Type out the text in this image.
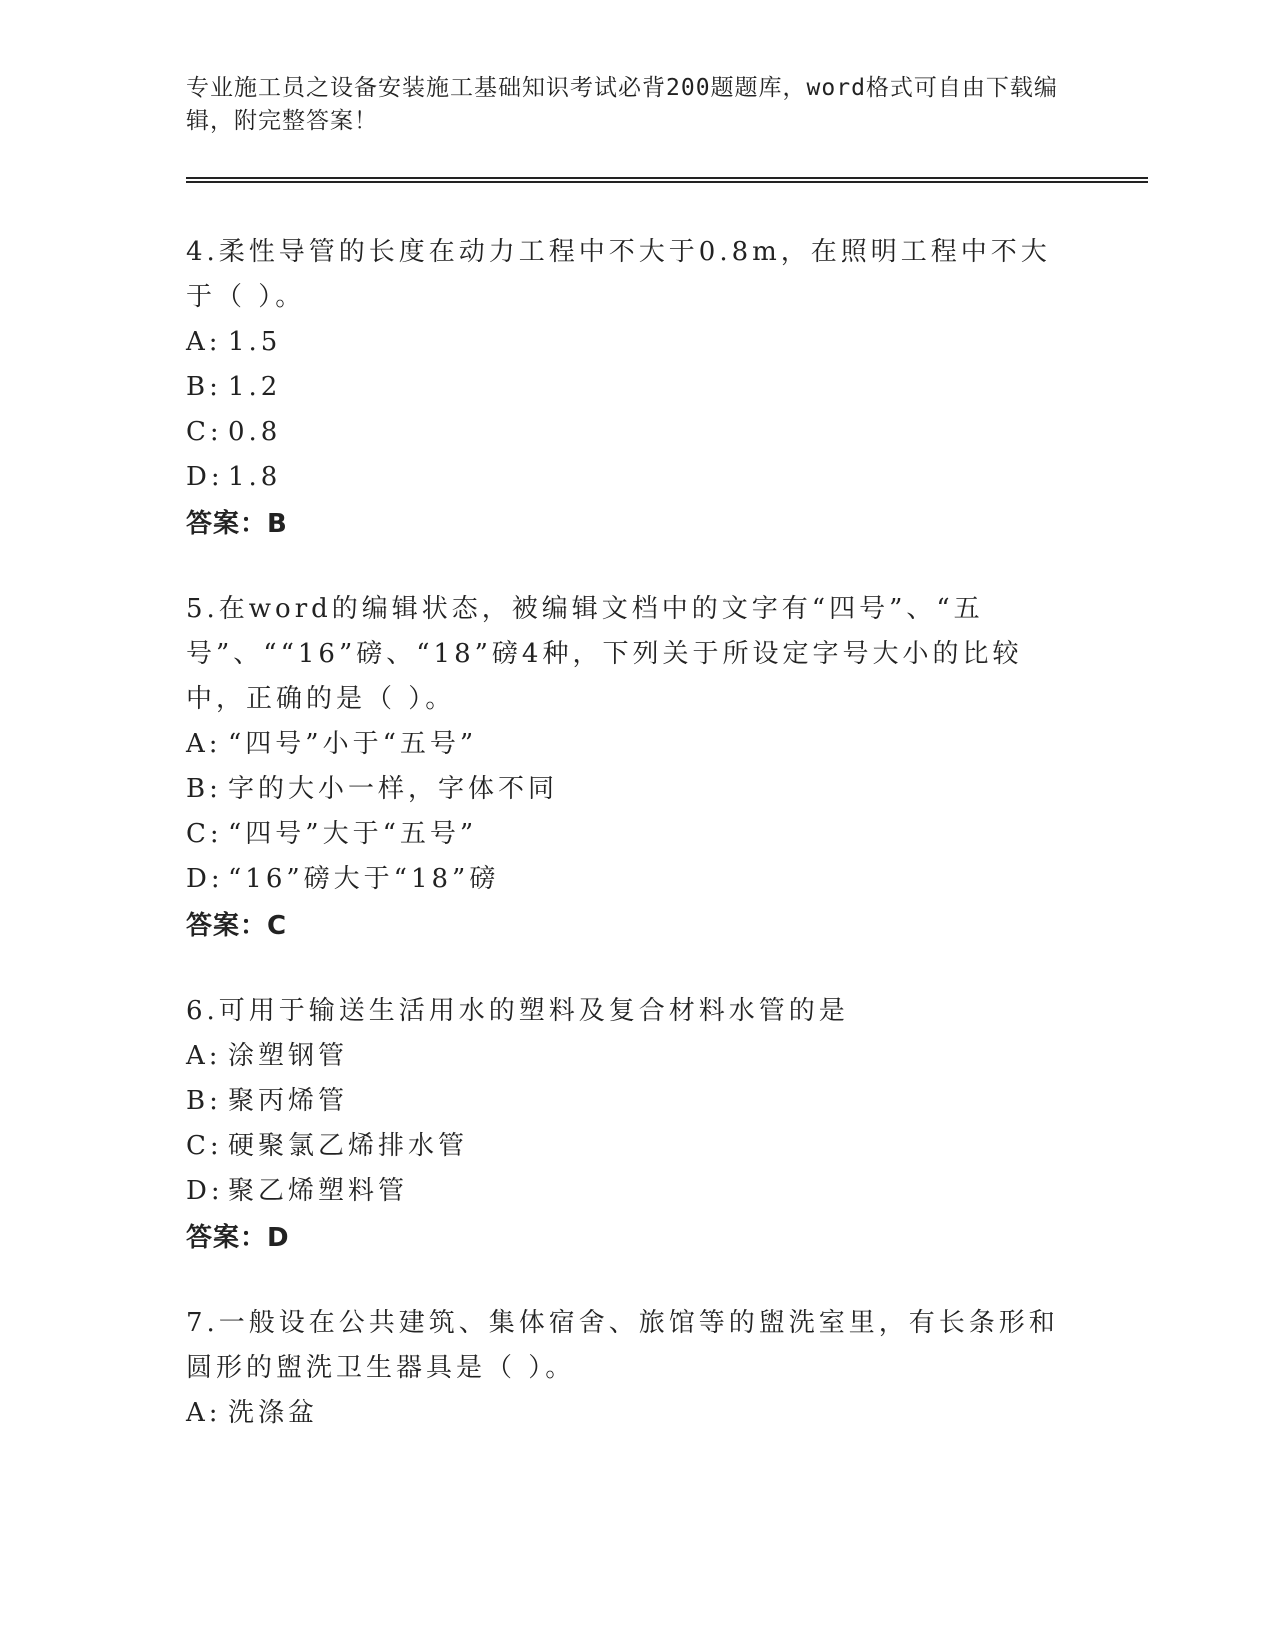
专业施工员之设备安装施工基础知识考试必背200题题库，word格式可自由下载编辑，附完整答案！

4.柔性导管的长度在动力工程中不大于0.8m，在照明工程中不大于（ ）。

A: 1.5
B: 1.2
C: 0.8
D: 1.8
答案：B

5.在word的编辑状态，被编辑文档中的文字有“四号”、“五号”、““16”磅、“18”磅4种，下列关于所设定字号大小的比较中，正确的是（ ）。

A: “四号”小于“五号”
B: 字的大小一样，字体不同
C: “四号”大于“五号”
D: “16”磅大于“18”磅
答案：C

6.可用于输送生活用水的塑料及复合材料水管的是

A: 涂塑钢管
B: 聚丙烯管
C: 硬聚氯乙烯排水管
D: 聚乙烯塑料管
答案：D

7.一般设在公共建筑、集体宿舍、旅馆等的盥洗室里，有长条形和圆形的盥洗卫生器具是（ ）。

A: 洗涤盆
